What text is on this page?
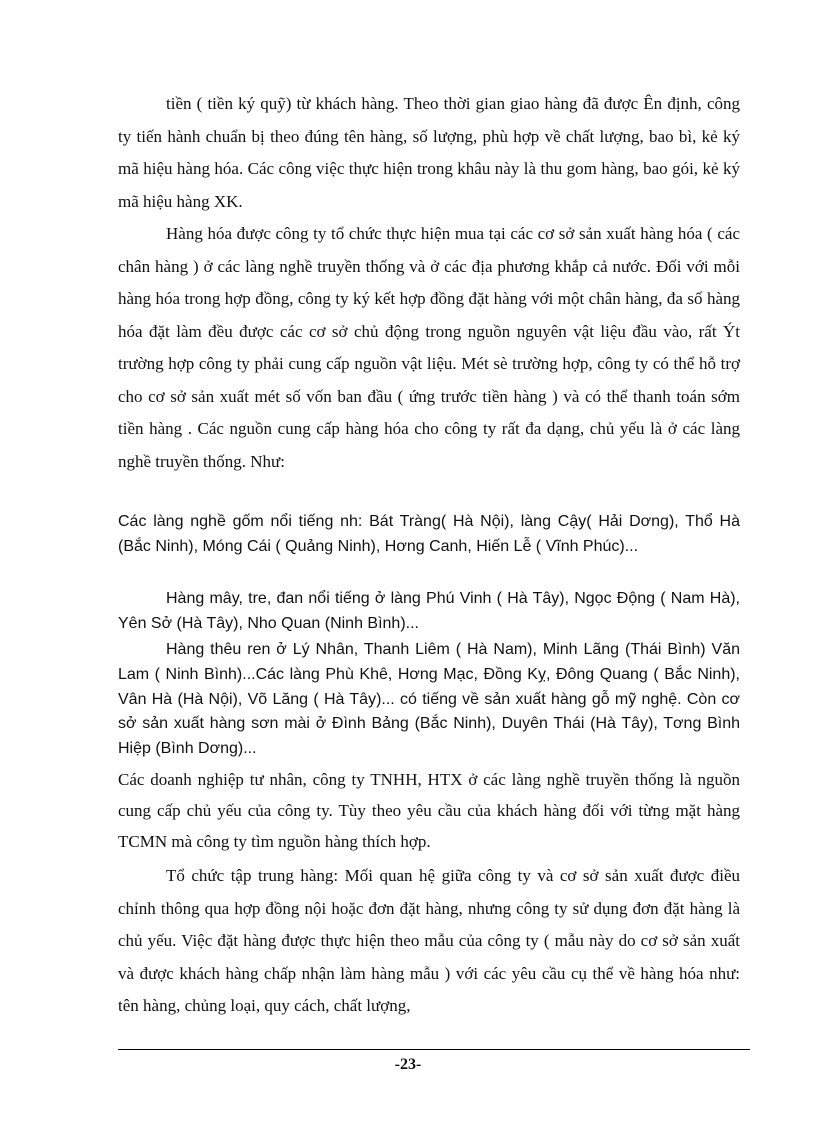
tiền ( tiền ký quỹ) từ khách hàng. Theo thời gian giao hàng đã được Ên định, công ty tiến hành chuẩn bị theo đúng tên hàng, số lượng, phù hợp về chất lượng, bao bì, kẻ ký mã hiệu hàng hóa. Các công việc thực hiện trong khâu này là thu gom hàng, bao gói, kẻ ký mã hiệu hàng XK.

Hàng hóa được công ty tổ chức thực hiện mua tại các cơ sở sản xuất hàng hóa ( các chân hàng ) ở các làng nghề truyền thống và ở các địa phương khắp cả nước. Đối với mỗi hàng hóa trong hợp đồng, công ty ký kết hợp đồng đặt hàng với một chân hàng, đa số hàng hóa đặt làm đều được các cơ sở chủ động trong nguồn nguyên vật liệu đầu vào, rất Ýt trường hợp công ty phải cung cấp nguồn vật liệu. Mét sè trường hợp, công ty có thể hỗ trợ cho cơ sở sản xuất mét số vốn ban đầu ( ứng trước tiền hàng ) và có thể thanh toán sớm tiền hàng . Các nguồn cung cấp hàng hóa cho công ty rất đa dạng, chủ yếu là ở các làng nghề truyền thống. Như:

Các làng nghề gốm nổi tiếng nh: Bát Tràng( Hà Nội), làng Cậy( Hải Dơng), Thổ Hà (Bắc Ninh), Móng Cái ( Quảng Ninh), Hơng Canh, Hiến Lễ ( Vĩnh Phúc)...

Hàng mây, tre, đan nổi tiếng ở làng Phú Vinh ( Hà Tây), Ngọc Động ( Nam Hà), Yên Sở (Hà Tây), Nho Quan (Ninh Bình)...

Hàng thêu ren ở Lý Nhân, Thanh Liêm ( Hà Nam), Minh Lãng (Thái Bình) Văn Lam ( Ninh Bình)...Các làng Phù Khê, Hơng Mạc, Đồng Kỵ, Đông Quang ( Bắc Ninh), Vân Hà (Hà Nội), Võ Lăng ( Hà Tây)... có tiếng về sản xuất hàng gỗ mỹ nghệ. Còn cơ sở sản xuất hàng sơn mài ở Đình Bảng (Bắc Ninh), Duyên Thái (Hà Tây), Tơng Bình Hiệp (Bình Dơng)...

Các doanh nghiệp tư nhân, công ty TNHH, HTX ở các làng nghề truyền thống là nguồn cung cấp chủ yếu của công ty. Tùy theo yêu cầu của khách hàng đối với từng mặt hàng TCMN mà công ty tìm nguồn hàng thích hợp.

Tổ chức tập trung hàng: Mối quan hệ giữa công ty và cơ sở sản xuất được điều chỉnh thông qua hợp đồng nội hoặc đơn đặt hàng, nhưng công ty sử dụng đơn đặt hàng là chủ yếu. Việc đặt hàng được thực hiện theo mẫu của công ty ( mẫu này do cơ sở sản xuất và được khách hàng chấp nhận làm hàng mẫu ) với các yêu cầu cụ thể về hàng hóa như: tên hàng, chủng loại, quy cách, chất lượng,

-23-
